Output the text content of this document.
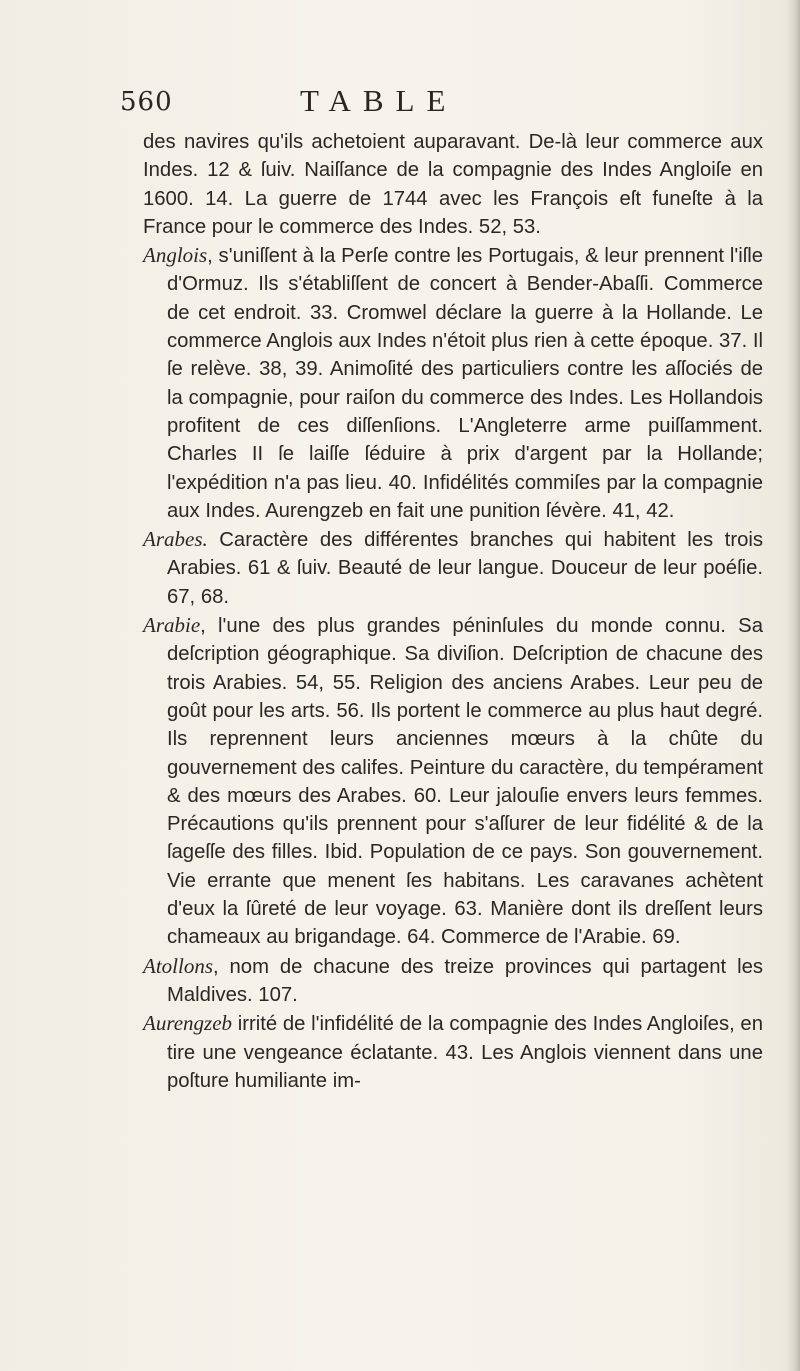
560	TABLE

des navires qu'ils achetoient auparavant. De-là leur commerce aux Indes. 12 & ſuiv. Naiſſance de la compagnie des Indes Angloiſe en 1600. 14. La guerre de 1744 avec les François eſt funeſte à la France pour le commerce des Indes. 52, 53.

Anglois, s'uniſſent à la Perſe contre les Portugais, & leur prennent l'iſle d'Ormuz. Ils s'établiſſent de concert à Bender-Abaſſi. Commerce de cet endroit. 33. Cromwel déclare la guerre à la Hollande. Le commerce Anglois aux Indes n'étoit plus rien à cette époque. 37. Il ſe relève. 38, 39. Animoſité des particuliers contre les aſſociés de la compagnie, pour raiſon du commerce des Indes. Les Hollandois profitent de ces diſſenſions. L'Angleterre arme puiſſamment. Charles II ſe laiſſe ſéduire à prix d'argent par la Hollande; l'expédition n'a pas lieu. 40. Infidélités commiſes par la compagnie aux Indes. Aurengzeb en fait une punition ſévère. 41, 42.

Arabes. Caractère des différentes branches qui habitent les trois Arabies. 61 & ſuiv. Beauté de leur langue. Douceur de leur poéſie. 67, 68.

Arabie, l'une des plus grandes péninſules du monde connu. Sa deſcription géographique. Sa diviſion. Deſcription de chacune des trois Arabies. 54, 55. Religion des anciens Arabes. Leur peu de goût pour les arts. 56. Ils portent le commerce au plus haut degré. Ils reprennent leurs anciennes mœurs à la chûte du gouvernement des califes. Peinture du caractère, du tempérament & des mœurs des Arabes. 60. Leur jalouſie envers leurs femmes. Précautions qu'ils prennent pour s'aſſurer de leur fidélité & de la ſageſſe des filles. Ibid. Population de ce pays. Son gouvernement. Vie errante que menent ſes habitans. Les caravanes achètent d'eux la ſûreté de leur voyage. 63. Manière dont ils dreſſent leurs chameaux au brigandage. 64. Commerce de l'Arabie. 69.

Atollons, nom de chacune des treize provinces qui partagent les Maldives. 107.

Aurengzeb irrité de l'infidélité de la compagnie des Indes Angloiſes, en tire une vengeance éclatante. 43. Les Anglois viennent dans une poſture humiliante im-
